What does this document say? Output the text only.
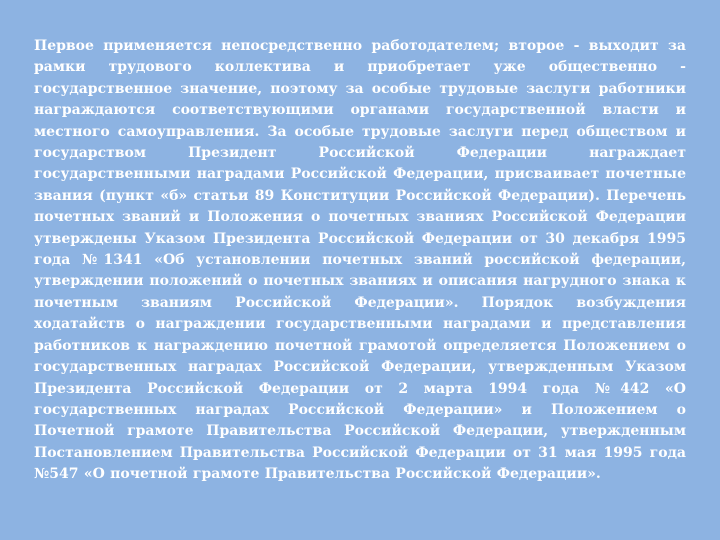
Первое применяется непосредственно работодателем; второе - выходит за рамки трудового коллектива и приобретает уже общественно - государственное значение, поэтому за особые трудовые заслуги работники награждаются соответствующими органами государственной власти и местного самоуправления. За особые трудовые заслуги перед обществом и государством Президент Российской Федерации награждает государственными наградами Российской Федерации, присваивает почетные звания (пункт «б» статьи 89 Конституции Российской Федерации). Перечень почетных званий и Положения о почетных званиях Российской Федерации утверждены Указом Президента Российской Федерации от 30 декабря 1995 года №1341 «Об установлении почетных званий российской федерации, утверждении положений о почетных званиях и описания нагрудного знака к почетным званиям Российской Федерации». Порядок возбуждения ходатайств о награждении государственными наградами и представления работников к награждению почетной грамотой определяется Положением о государственных наградах Российской Федерации, утвержденным Указом Президента Российской Федерации от 2 марта 1994 года №442 «О государственных наградах Российской Федерации» и Положением о Почетной грамоте Правительства Российской Федерации, утвержденным Постановлением Правительства Российской Федерации от 31 мая 1995 года №547 «О почетной грамоте Правительства Российской Федерации».
